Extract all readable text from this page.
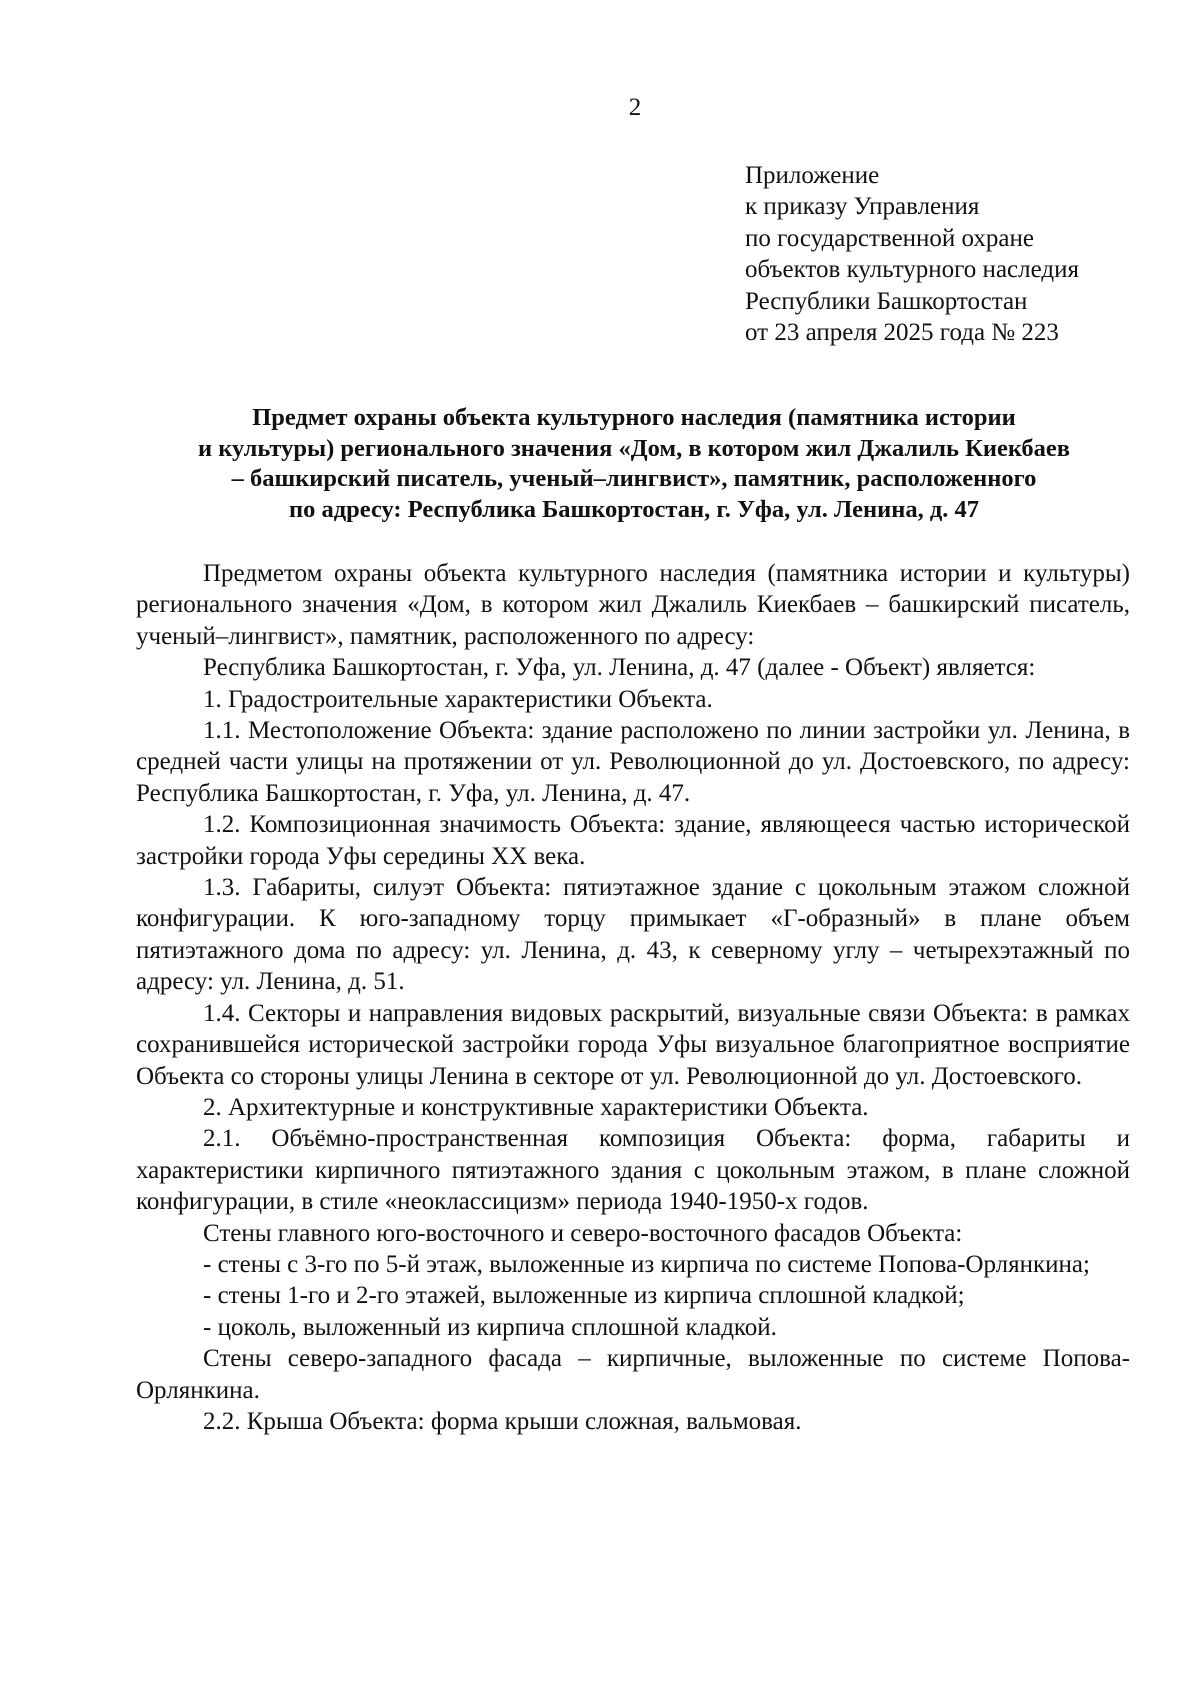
2
Приложение
к приказу Управления
по государственной охране
объектов культурного наследия
Республики Башкортостан
от 23 апреля 2025 года № 223
Предмет охраны объекта культурного наследия (памятника истории
и культуры) регионального значения «Дом, в котором жил Джалиль Киекбаев
– башкирский писатель, ученый–лингвист», памятник, расположенного
по адресу: Республика Башкортостан, г. Уфа, ул. Ленина, д. 47

Предметом охраны объекта культурного наследия (памятника истории и культуры) регионального значения «Дом, в котором жил Джалиль Киекбаев – башкирский писатель, ученый–лингвист», памятник, расположенного по адресу:

Республика Башкортостан, г. Уфа, ул. Ленина, д. 47 (далее - Объект) является:

1. Градостроительные характеристики Объекта.

1.1. Местоположение Объекта: здание расположено по линии застройки ул. Ленина, в средней части улицы на протяжении от ул. Революционной до ул. Достоевского, по адресу: Республика Башкортостан, г. Уфа, ул. Ленина, д. 47.

1.2. Композиционная значимость Объекта: здание, являющееся частью исторической застройки города Уфы середины XX века.

1.3. Габариты, силуэт Объекта: пятиэтажное здание с цокольным этажом сложной конфигурации. К юго-западному торцу примыкает «Г-образный» в плане объем пятиэтажного дома по адресу: ул. Ленина, д. 43, к северному углу – четырехэтажный по адресу: ул. Ленина, д. 51.

1.4. Секторы и направления видовых раскрытий, визуальные связи Объекта: в рамках сохранившейся исторической застройки города Уфы визуальное благоприятное восприятие Объекта со стороны улицы Ленина в секторе от ул. Революционной до ул. Достоевского.

2. Архитектурные и конструктивные характеристики Объекта.

2.1. Объёмно-пространственная композиция Объекта: форма, габариты и характеристики кирпичного пятиэтажного здания с цокольным этажом, в плане сложной конфигурации, в стиле «неоклассицизм» периода 1940-1950-х годов.

Стены главного юго-восточного и северо-восточного фасадов Объекта:

- стены с 3-го по 5-й этаж, выложенные из кирпича по системе Попова-Орлянкина;

- стены 1-го и 2-го этажей, выложенные из кирпича сплошной кладкой;

- цоколь, выложенный из кирпича сплошной кладкой.

Стены северо-западного фасада – кирпичные, выложенные по системе Попова-Орлянкина.

2.2. Крыша Объекта: форма крыши сложная, вальмовая.
